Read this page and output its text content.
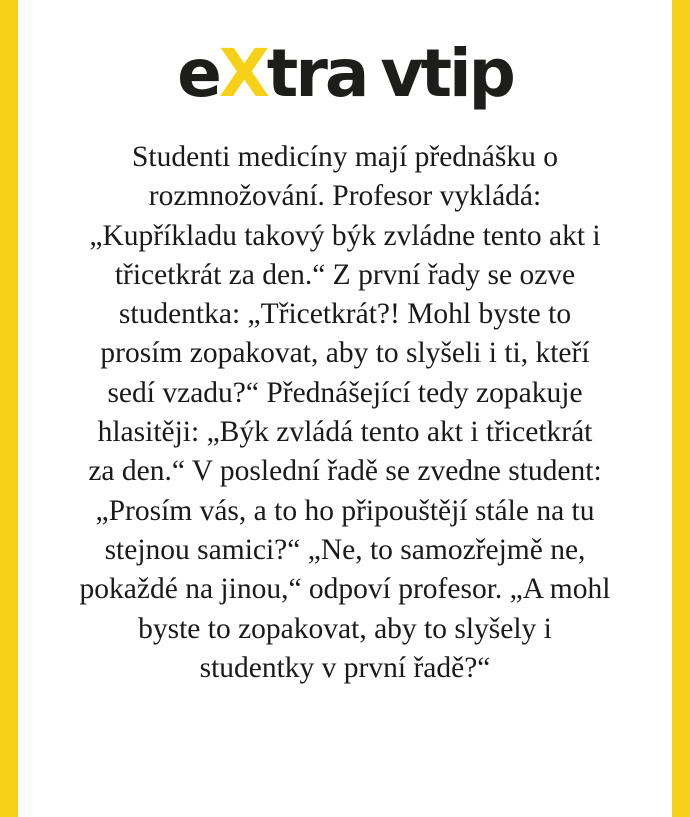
eXtra vtip

Studenti medicíny mají přednášku o
rozmnožování. Profesor vykládá:
„Kupříkladu takový býk zvládne tento akt i
třicetkrát za den.“ Z první řady se ozve
studentka: „Třicetkrát?! Mohl byste to
prosím zopakovat, aby to slyšeli i ti, kteří
sedí vzadu?“ Přednášející tedy zopakuje
hlasitěji: „Býk zvládá tento akt i třicetkrát
za den.“ V poslední řadě se zvedne student:
„Prosím vás, a to ho připouštějí stále na tu
stejnou samici?“ „Ne, to samozřejmě ne,
pokaždé na jinou,“ odpoví profesor. „A mohl
byste to zopakovat, aby to slyšely i
studentky v první řadě?“
